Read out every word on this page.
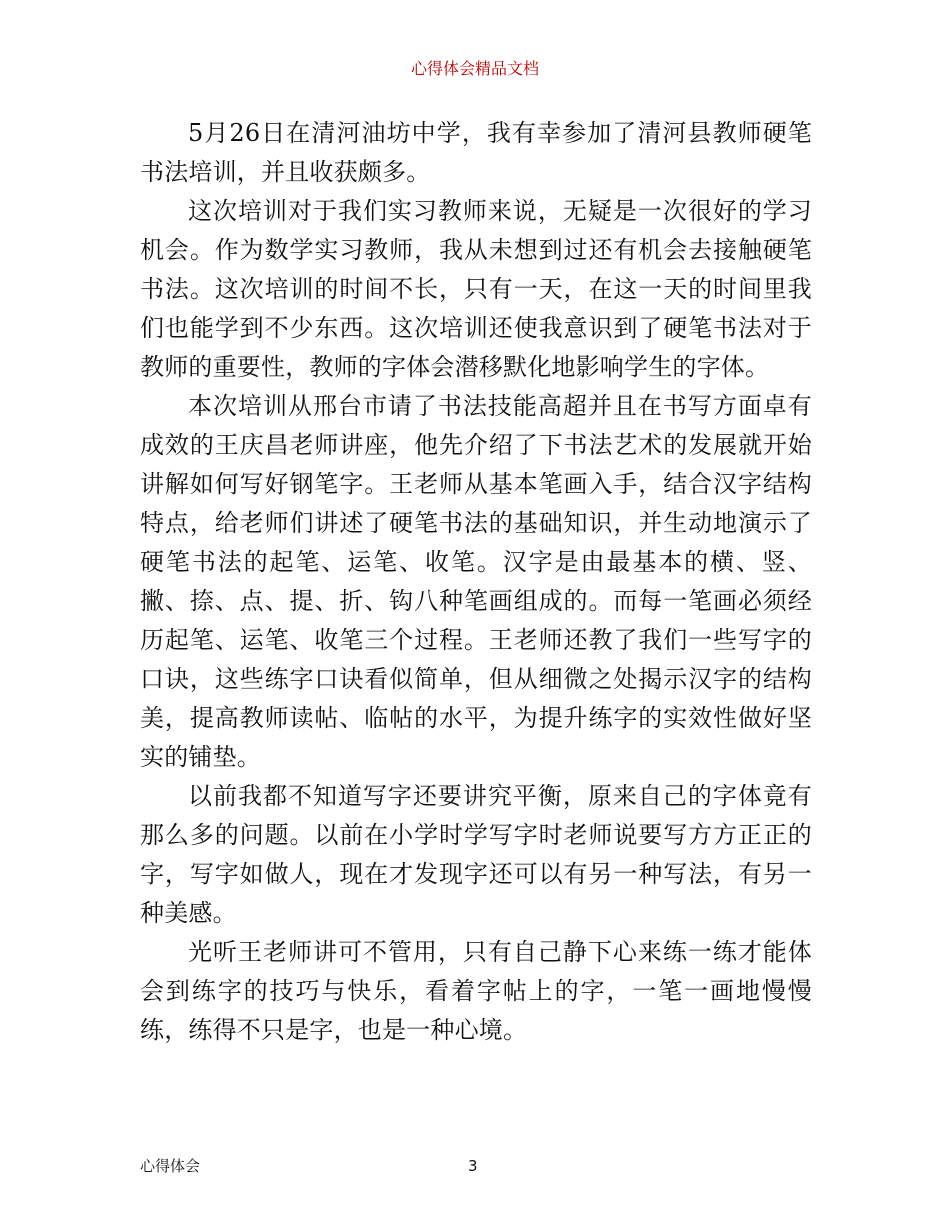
心得体会精品文档

5月26日在清河油坊中学，我有幸参加了清河县教师硬笔书法培训，并且收获颇多。

这次培训对于我们实习教师来说，无疑是一次很好的学习机会。作为数学实习教师，我从未想到过还有机会去接触硬笔书法。这次培训的时间不长，只有一天，在这一天的时间里我们也能学到不少东西。这次培训还使我意识到了硬笔书法对于教师的重要性，教师的字体会潜移默化地影响学生的字体。

本次培训从邢台市请了书法技能高超并且在书写方面卓有成效的王庆昌老师讲座，他先介绍了下书法艺术的发展就开始讲解如何写好钢笔字。王老师从基本笔画入手，结合汉字结构特点，给老师们讲述了硬笔书法的基础知识，并生动地演示了硬笔书法的起笔、运笔、收笔。汉字是由最基本的横、竖、撇、捺、点、提、折、钩八种笔画组成的。而每一笔画必须经历起笔、运笔、收笔三个过程。王老师还教了我们一些写字的口诀，这些练字口诀看似简单，但从细微之处揭示汉字的结构美，提高教师读帖、临帖的水平，为提升练字的实效性做好坚实的铺垫。

以前我都不知道写字还要讲究平衡，原来自己的字体竟有那么多的问题。以前在小学时学写字时老师说要写方方正正的字，写字如做人，现在才发现字还可以有另一种写法，有另一种美感。

光听王老师讲可不管用，只有自己静下心来练一练才能体会到练字的技巧与快乐，看着字帖上的字，一笔一画地慢慢练，练得不只是字，也是一种心境。

心得体会	3
